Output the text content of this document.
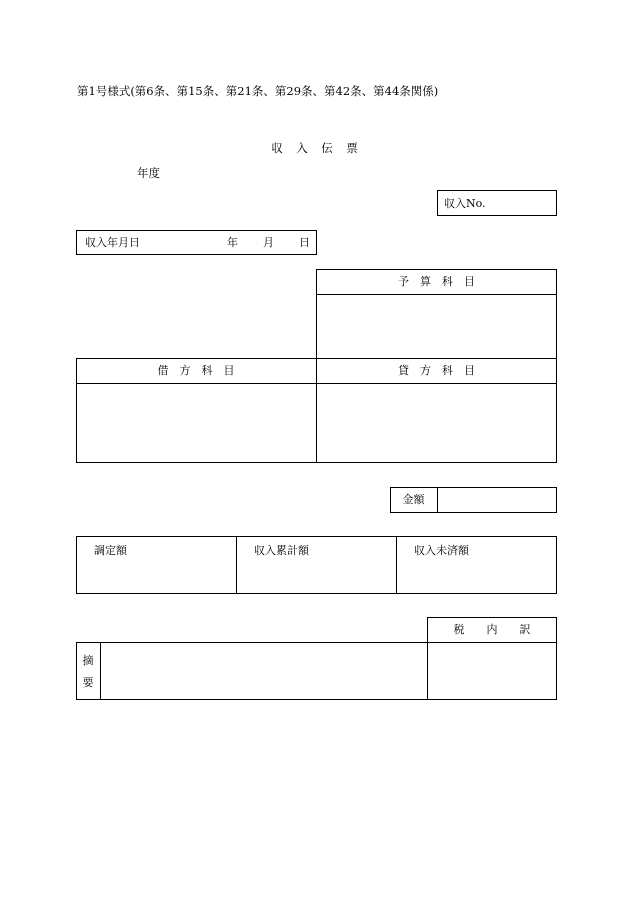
第1号様式(第6条、第15条、第21条、第29条、第42条、第44条関係)
収　入　伝　票
年度
収入No.
収入年月日	年 月 日
予　算　科　目
借　方　科　目	貸　方　科　目
金額
調定額	収入累計額	収入未済額
税　　内　　訳
摘
要
